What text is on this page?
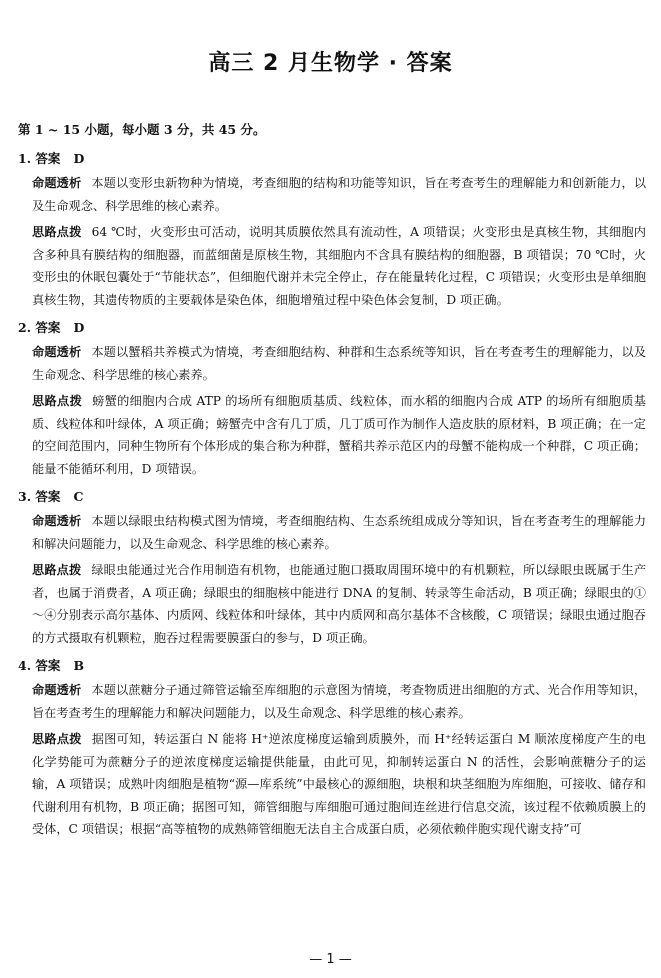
高三 2 月生物学 · 答案
第 1 ~ 15 小题，每小题 3 分，共 45 分。
1. 答案   D
命题透析 本题以变形虫新物种为情境，考查细胞的结构和功能等知识，旨在考查考生的理解能力和创新能力，以及生命观念、科学思维的核心素养。
思路点拨 64 ℃时，火变形虫可活动，说明其质膜依然具有流动性，A 项错误；火变形虫是真核生物，其细胞内含多种具有膜结构的细胞器，而蓝细菌是原核生物，其细胞内不含具有膜结构的细胞器，B 项错误；70 ℃时，火变形虫的休眠包囊处于“节能状态”，但细胞代谢并未完全停止，存在能量转化过程，C 项错误；火变形虫是单细胞真核生物，其遗传物质的主要载体是染色体，细胞增殖过程中染色体会复制，D 项正确。
2. 答案   D
命题透析 本题以蟹稻共养模式为情境，考查细胞结构、种群和生态系统等知识，旨在考查考生的理解能力，以及生命观念、科学思维的核心素养。
思路点拨 螃蟹的细胞内合成 ATP 的场所有细胞质基质、线粒体，而水稻的细胞内合成 ATP 的场所有细胞质基质、线粒体和叶绿体，A 项正确；螃蟹壳中含有几丁质，几丁质可作为制作人造皮肤的原材料，B 项正确；在一定的空间范围内，同种生物所有个体形成的集合称为种群，蟹稻共养示范区内的母蟹不能构成一个种群，C 项正确；能量不能循环利用，D 项错误。
3. 答案   C
命题透析 本题以绿眼虫结构模式图为情境，考查细胞结构、生态系统组成成分等知识，旨在考查考生的理解能力和解决问题能力，以及生命观念、科学思维的核心素养。
思路点拨 绿眼虫能通过光合作用制造有机物，也能通过胞口摄取周围环境中的有机颗粒，所以绿眼虫既属于生产者，也属于消费者，A 项正确；绿眼虫的细胞核中能进行 DNA 的复制、转录等生命活动，B 项正确；绿眼虫的①～④分别表示高尔基体、内质网、线粒体和叶绿体，其中内质网和高尔基体不含核酸，C 项错误；绿眼虫通过胞吞的方式摄取有机颗粒，胞吞过程需要膜蛋白的参与，D 项正确。
4. 答案   B
命题透析 本题以蔗糖分子通过筛管运输至库细胞的示意图为情境，考查物质进出细胞的方式、光合作用等知识，旨在考查考生的理解能力和解决问题能力，以及生命观念、科学思维的核心素养。
思路点拨 据图可知，转运蛋白 N 能将 H⁺逆浓度梯度运输到质膜外，而 H⁺经转运蛋白 M 顺浓度梯度产生的电化学势能可为蔗糖分子的逆浓度梯度运输提供能量，由此可见，抑制转运蛋白 N 的活性，会影响蔗糖分子的运输，A 项错误；成熟叶肉细胞是植物“源—库系统”中最核心的源细胞，块根和块茎细胞为库细胞，可接收、储存和代谢利用有机物，B 项正确；据图可知，筛管细胞与库细胞可通过胞间连丝进行信息交流，该过程不依赖质膜上的受体，C 项错误；根据“高等植物的成熟筛管细胞无法自主合成蛋白质，必须依赖伴胞实现代谢支持”可
— 1 —
